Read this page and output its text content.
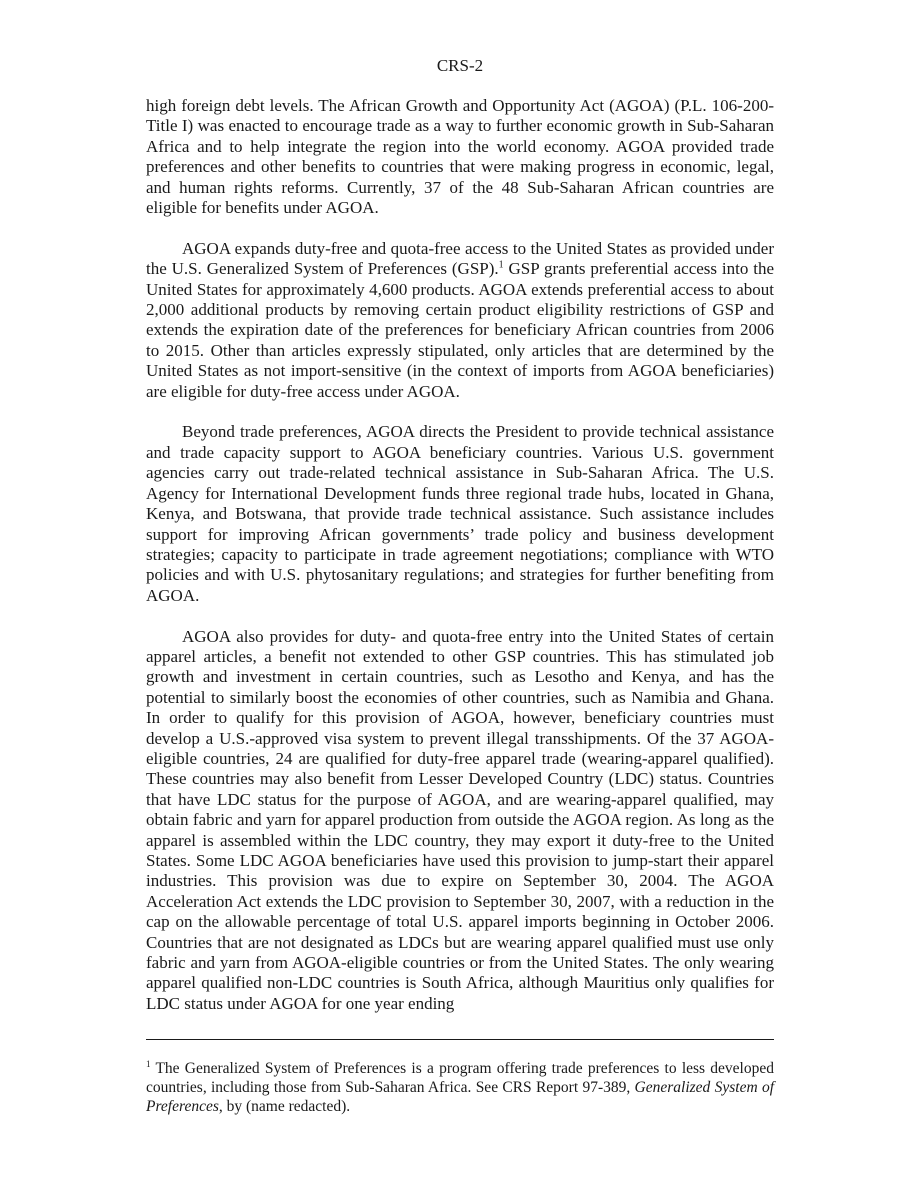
CRS-2

high foreign debt levels. The African Growth and Opportunity Act (AGOA) (P.L. 106-200- Title I) was enacted to encourage trade as a way to further economic growth in Sub-Saharan Africa and to help integrate the region into the world economy. AGOA provided trade preferences and other benefits to countries that were making progress in economic, legal, and human rights reforms. Currently, 37 of the 48 Sub-Saharan African countries are eligible for benefits under AGOA.

AGOA expands duty-free and quota-free access to the United States as provided under the U.S. Generalized System of Preferences (GSP).$^1$ GSP grants preferential access into the United States for approximately 4,600 products. AGOA extends preferential access to about 2,000 additional products by removing certain product eligibility restrictions of GSP and extends the expiration date of the preferences for beneficiary African countries from 2006 to 2015. Other than articles expressly stipulated, only articles that are determined by the United States as not import-sensitive (in the context of imports from AGOA beneficiaries) are eligible for duty-free access under AGOA.

Beyond trade preferences, AGOA directs the President to provide technical assistance and trade capacity support to AGOA beneficiary countries. Various U.S. government agencies carry out trade-related technical assistance in Sub-Saharan Africa. The U.S. Agency for International Development funds three regional trade hubs, located in Ghana, Kenya, and Botswana, that provide trade technical assistance. Such assistance includes support for improving African governments’ trade policy and business development strategies; capacity to participate in trade agreement negotiations; compliance with WTO policies and with U.S. phytosanitary regulations; and strategies for further benefiting from AGOA.

AGOA also provides for duty- and quota-free entry into the United States of certain apparel articles, a benefit not extended to other GSP countries. This has stimulated job growth and investment in certain countries, such as Lesotho and Kenya, and has the potential to similarly boost the economies of other countries, such as Namibia and Ghana. In order to qualify for this provision of AGOA, however, beneficiary countries must develop a U.S.-approved visa system to prevent illegal transshipments. Of the 37 AGOA-eligible countries, 24 are qualified for duty-free apparel trade (wearing-apparel qualified). These countries may also benefit from Lesser Developed Country (LDC) status. Countries that have LDC status for the purpose of AGOA, and are wearing-apparel qualified, may obtain fabric and yarn for apparel production from outside the AGOA region. As long as the apparel is assembled within the LDC country, they may export it duty-free to the United States. Some LDC AGOA beneficiaries have used this provision to jump-start their apparel industries. This provision was due to expire on September 30, 2004. The AGOA Acceleration Act extends the LDC provision to September 30, 2007, with a reduction in the cap on the allowable percentage of total U.S. apparel imports beginning in October 2006. Countries that are not designated as LDCs but are wearing apparel qualified must use only fabric and yarn from AGOA-eligible countries or from the United States. The only wearing apparel qualified non-LDC countries is South Africa, although Mauritius only qualifies for LDC status under AGOA for one year ending

$^1$ The Generalized System of Preferences is a program offering trade preferences to less developed countries, including those from Sub-Saharan Africa. See CRS Report 97-389, Generalized System of Preferences, by (name redacted).
